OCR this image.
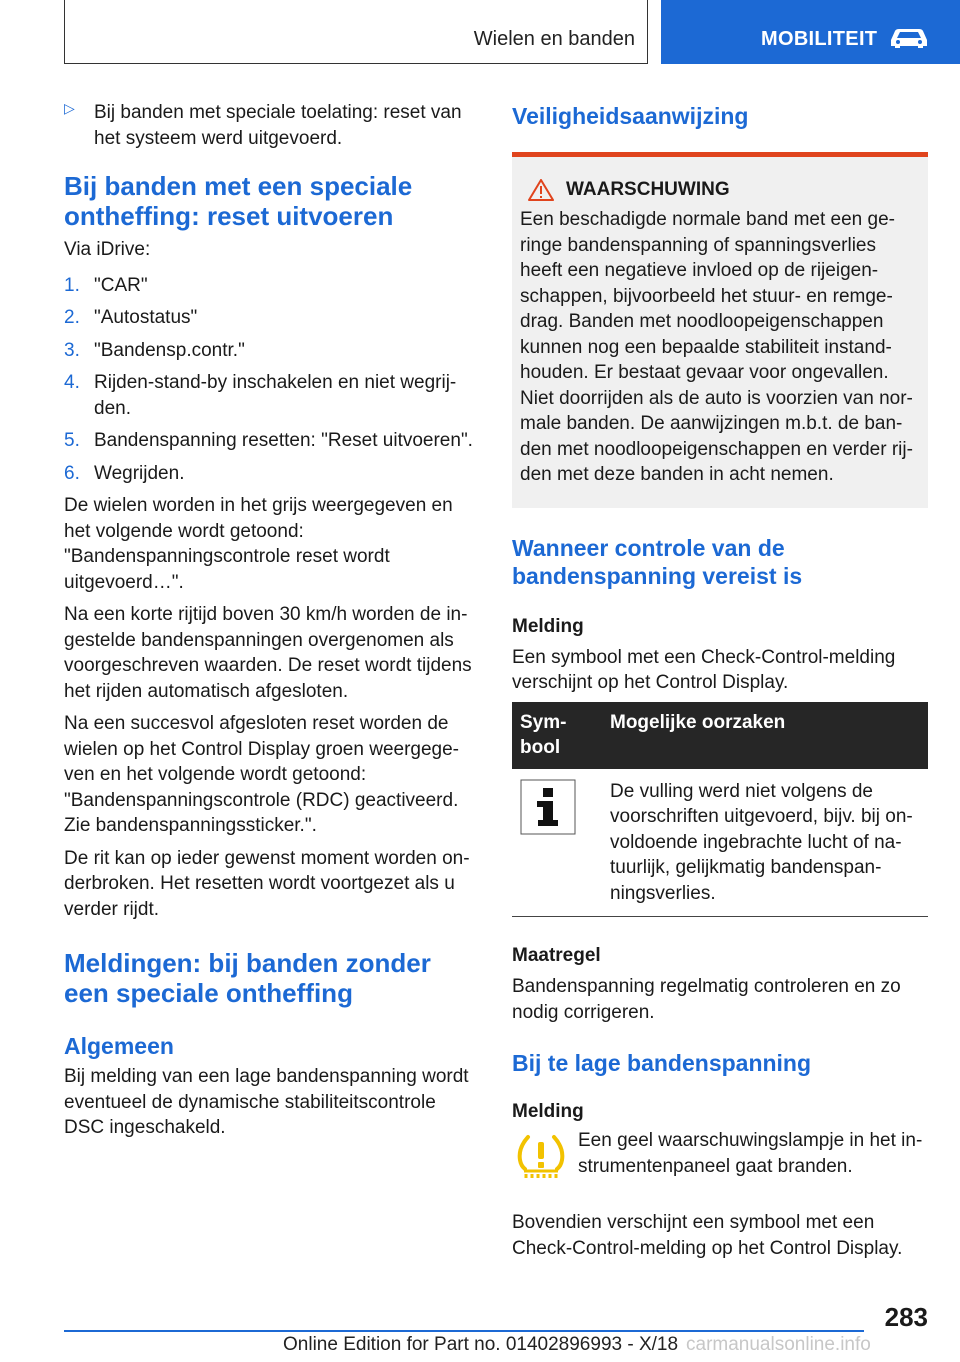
Wielen en banden	MOBILITEIT
▷ Bij banden met speciale toelating: reset van het systeem werd uitgevoerd.

Bij banden met een speciale ontheffing: reset uitvoeren

Via iDrive:

1. "CAR"
2. "Autostatus"
3. "Bandensp.contr."
4. Rijden-stand-by inschakelen en niet wegrij-den.
5. Bandenspanning resetten: "Reset uitvoeren".
6. Wegrijden.

De wielen worden in het grijs weergegeven en het volgende wordt getoond: "Bandenspanningscontrole reset wordt uitgevoerd…".

Na een korte rijtijd boven 30 km/h worden de in-gestelde bandenspanningen overgenomen als voorgeschreven waarden. De reset wordt tijdens het rijden automatisch afgesloten.

Na een succesvol afgesloten reset worden de wielen op het Control Display groen weergege-ven en het volgende wordt getoond: "Bandenspanningscontrole (RDC) geactiveerd. Zie bandenspanningssticker.".

De rit kan op ieder gewenst moment worden on-derbroken. Het resetten wordt voortgezet als u verder rijdt.

Meldingen: bij banden zonder een speciale ontheffing
Algemeen

Bij melding van een lage bandenspanning wordt eventueel de dynamische stabiliteitscontrole DSC ingeschakeld.

Veiligheidsaanwijzing
WAARSCHUWING

Een beschadigde normale band met een ge-ringe bandenspanning of spanningsverlies heeft een negatieve invloed op de rijeigen-schappen, bijvoorbeeld het stuur- en remge-drag. Banden met noodloopeigenschappen kunnen nog een bepaalde stabiliteit instand-houden. Er bestaat gevaar voor ongevallen. Niet doorrijden als de auto is voorzien van nor-male banden. De aanwijzingen m.b.t. de ban-den met noodloopeigenschappen en verder rij-den met deze banden in acht nemen.

Wanneer controle van de bandenspanning vereist is
Melding

Een symbool met een Check-Control-melding verschijnt op het Control Display.

Sym-bool	Mogelijke oorzaken
	De vulling werd niet volgens de voorschriften uitgevoerd, bijv. bij on-voldoende ingebrachte lucht of na-tuurlijk, gelijkmatig bandenspan-ningsverlies.
Maatregel

Bandenspanning regelmatig controleren en zo nodig corrigeren.

Bij te lage bandenspanning
Melding

Een geel waarschuwingslampje in het in-strumentenpaneel gaat branden.

Bovendien verschijnt een symbool met een Check-Control-melding op het Control Display.

283
Online Edition for Part no. 01402896993 - X/18 carmanualsonline.info
